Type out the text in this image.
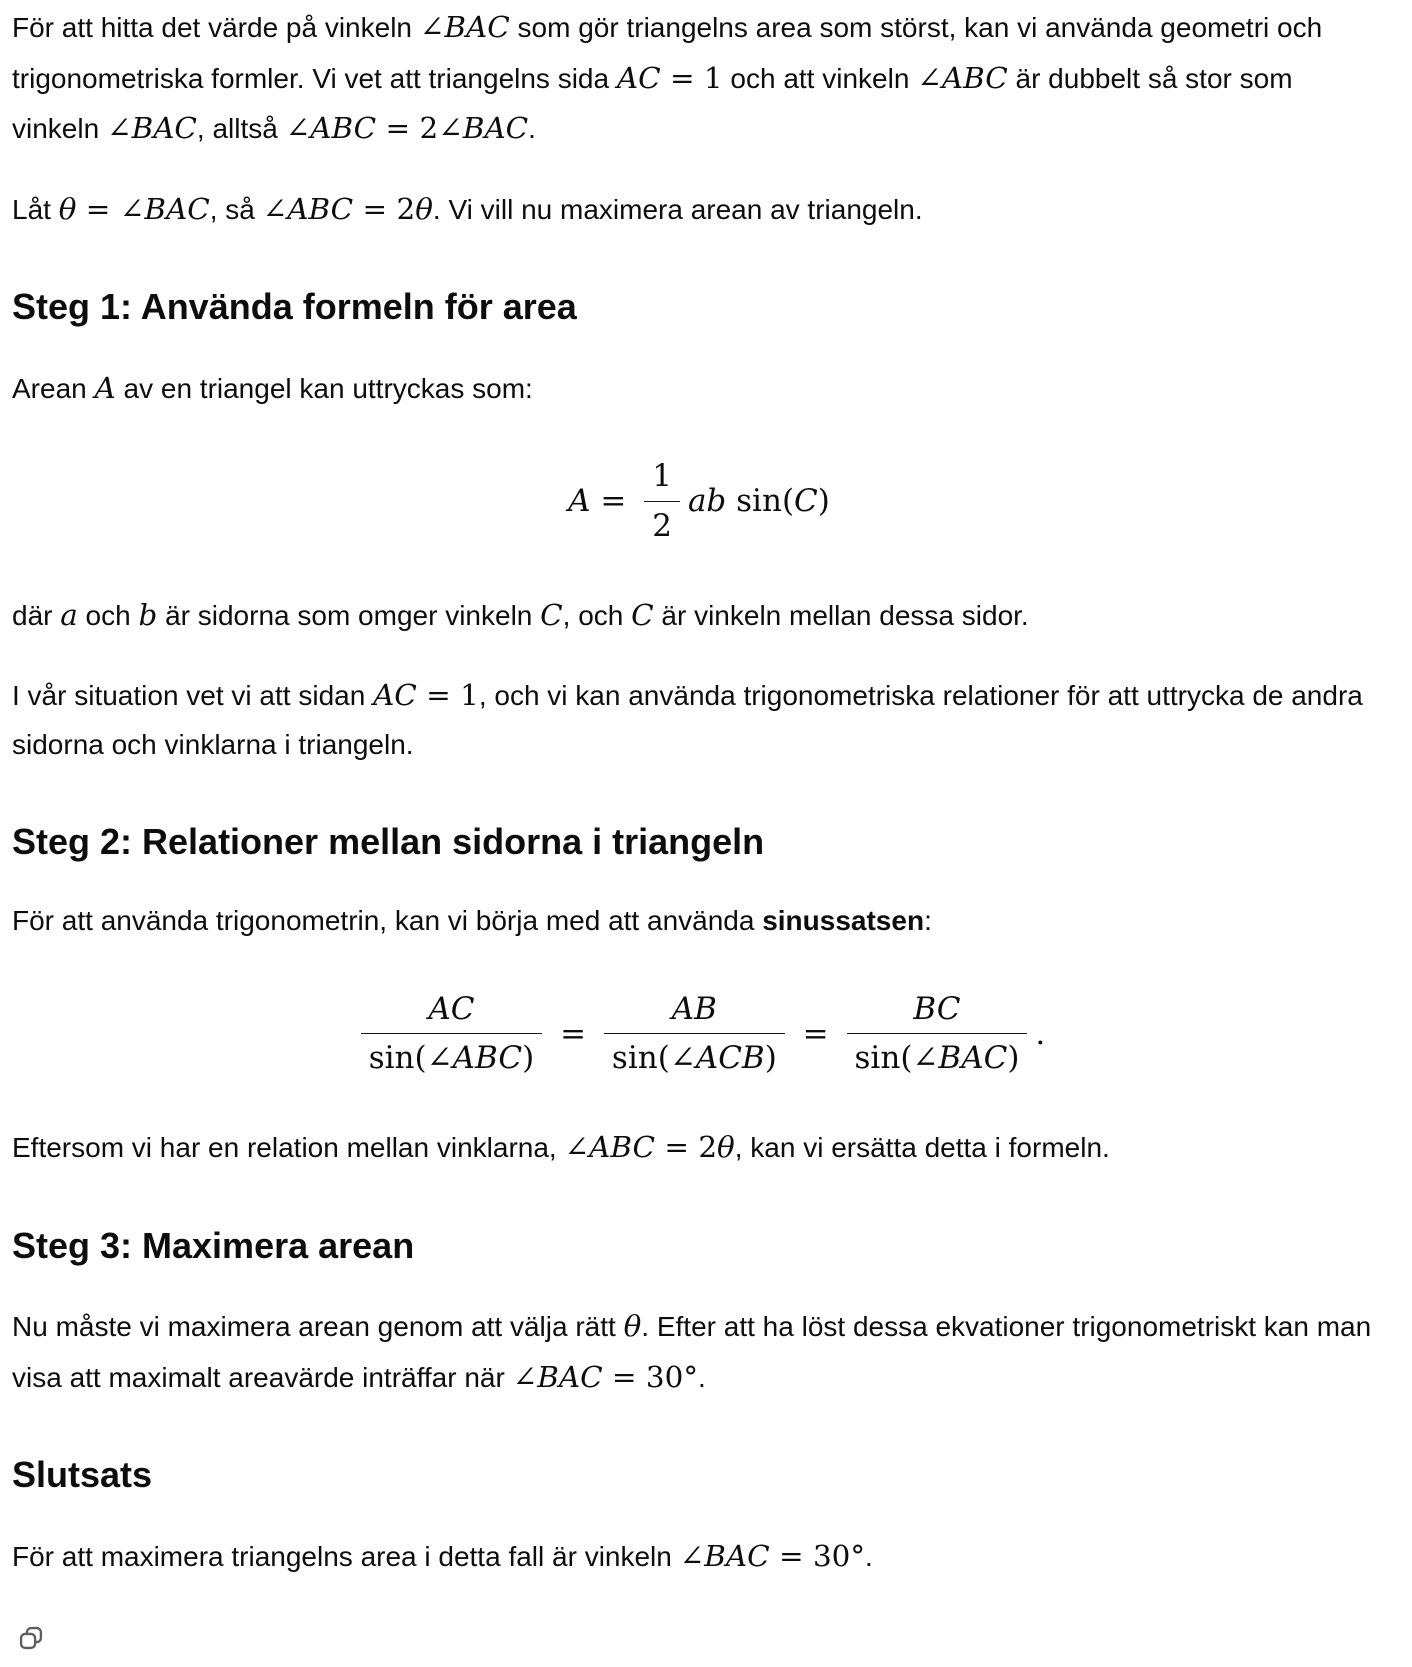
För att hitta det värde på vinkeln ∠BAC som gör triangelns area som störst, kan vi använda geometri och trigonometriska formler. Vi vet att triangelns sida AC = 1 och att vinkeln ∠ABC är dubbelt så stor som vinkeln ∠BAC, alltså ∠ABC = 2∠BAC.

Låt θ = ∠BAC, så ∠ABC = 2θ. Vi vill nu maximera arean av triangeln.

Steg 1: Använda formeln för area

Arean A av en triangel kan uttryckas som:

$A = \frac{1}{2}$ ab sin(C)

där a och b är sidorna som omger vinkeln C, och C är vinkeln mellan dessa sidor.

I vår situation vet vi att sidan AC = 1, och vi kan använda trigonometriska relationer för att uttrycka de andra sidorna och vinklarna i triangeln.

Steg 2: Relationer mellan sidorna i triangeln

För att använda trigonometrin, kan vi börja med att använda sinussatsen:

$\frac{AC}{\text{sin(∠ABC)}} = \frac{AB}{\text{sin(∠ACB)}} = \frac{BC}{\text{sin(∠BAC)}}$ .

Eftersom vi har en relation mellan vinklarna, ∠ABC = 2θ, kan vi ersätta detta i formeln.

Steg 3: Maximera arean

Nu måste vi maximera arean genom att välja rätt θ. Efter att ha löst dessa ekvationer trigonometriskt kan man visa att maximalt areavärde inträffar när ∠BAC = 30°.

Slutsats

För att maximera triangelns area i detta fall är vinkeln ∠BAC = 30°.
